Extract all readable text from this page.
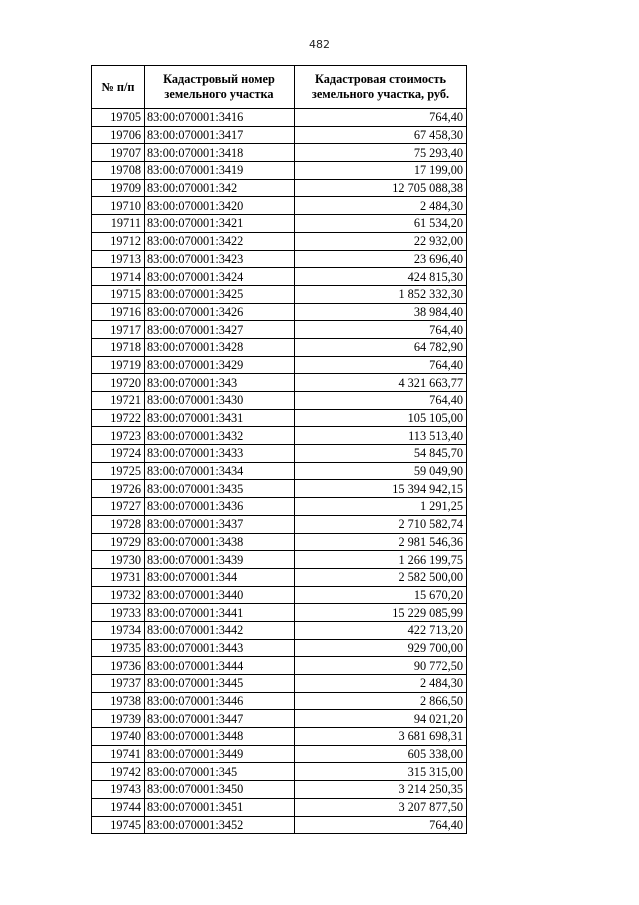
482
№ п/п	Кадастровый номер земельного участка	Кадастровая стоимость земельного участка, руб.
19705	83:00:070001:3416	764,40
19706	83:00:070001:3417	67 458,30
19707	83:00:070001:3418	75 293,40
19708	83:00:070001:3419	17 199,00
19709	83:00:070001:342	12 705 088,38
19710	83:00:070001:3420	2 484,30
19711	83:00:070001:3421	61 534,20
19712	83:00:070001:3422	22 932,00
19713	83:00:070001:3423	23 696,40
19714	83:00:070001:3424	424 815,30
19715	83:00:070001:3425	1 852 332,30
19716	83:00:070001:3426	38 984,40
19717	83:00:070001:3427	764,40
19718	83:00:070001:3428	64 782,90
19719	83:00:070001:3429	764,40
19720	83:00:070001:343	4 321 663,77
19721	83:00:070001:3430	764,40
19722	83:00:070001:3431	105 105,00
19723	83:00:070001:3432	113 513,40
19724	83:00:070001:3433	54 845,70
19725	83:00:070001:3434	59 049,90
19726	83:00:070001:3435	15 394 942,15
19727	83:00:070001:3436	1 291,25
19728	83:00:070001:3437	2 710 582,74
19729	83:00:070001:3438	2 981 546,36
19730	83:00:070001:3439	1 266 199,75
19731	83:00:070001:344	2 582 500,00
19732	83:00:070001:3440	15 670,20
19733	83:00:070001:3441	15 229 085,99
19734	83:00:070001:3442	422 713,20
19735	83:00:070001:3443	929 700,00
19736	83:00:070001:3444	90 772,50
19737	83:00:070001:3445	2 484,30
19738	83:00:070001:3446	2 866,50
19739	83:00:070001:3447	94 021,20
19740	83:00:070001:3448	3 681 698,31
19741	83:00:070001:3449	605 338,00
19742	83:00:070001:345	315 315,00
19743	83:00:070001:3450	3 214 250,35
19744	83:00:070001:3451	3 207 877,50
19745	83:00:070001:3452	764,40
